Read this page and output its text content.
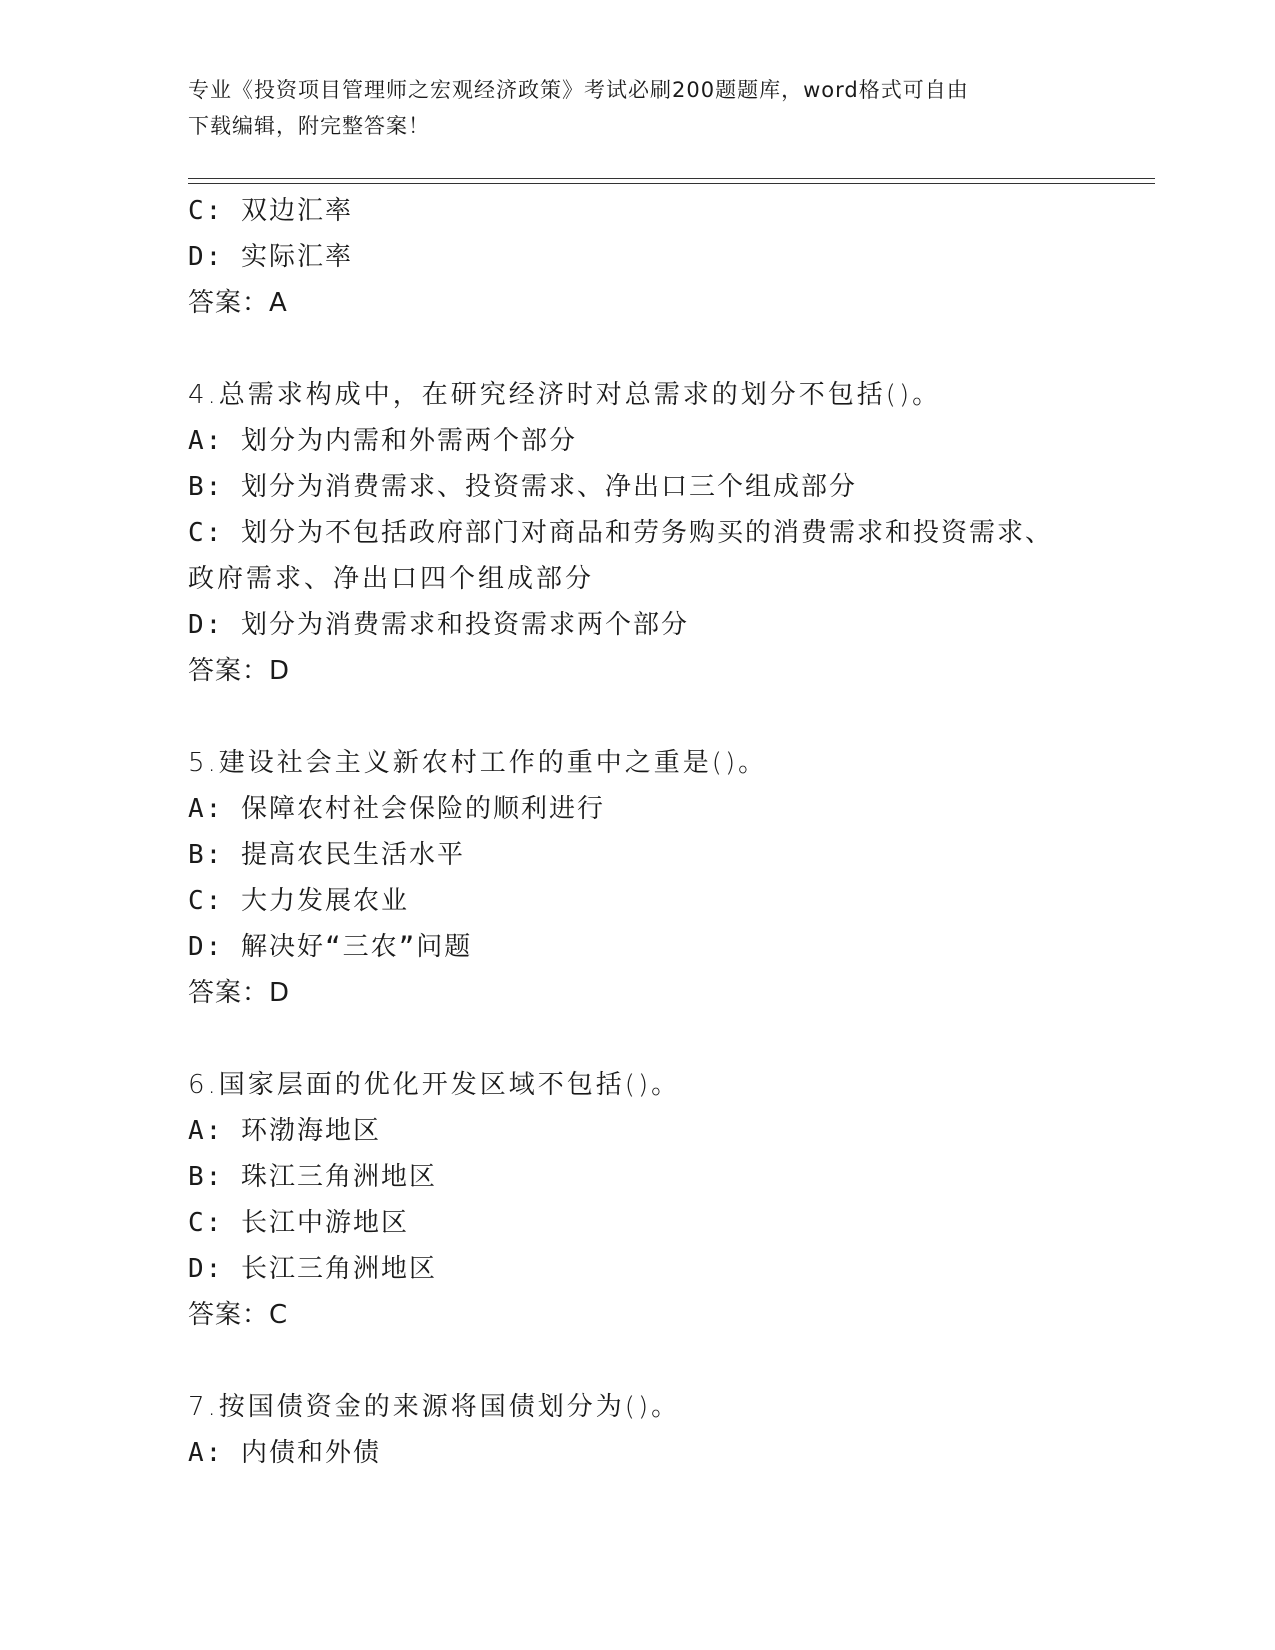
专业《投资项目管理师之宏观经济政策》考试必刷200题题库，word格式可自由
下载编辑，附完整答案！
C: 双边汇率
D: 实际汇率
答案：A
4.总需求构成中，在研究经济时对总需求的划分不包括()。
A: 划分为内需和外需两个部分
B: 划分为消费需求、投资需求、净出口三个组成部分
C: 划分为不包括政府部门对商品和劳务购买的消费需求和投资需求、
政府需求、净出口四个组成部分
D: 划分为消费需求和投资需求两个部分
答案：D
5.建设社会主义新农村工作的重中之重是()。
A: 保障农村社会保险的顺利进行
B: 提高农民生活水平
C: 大力发展农业
D: 解决好“三农”问题
答案：D
6.国家层面的优化开发区域不包括()。
A: 环渤海地区
B: 珠江三角洲地区
C: 长江中游地区
D: 长江三角洲地区
答案：C
7.按国债资金的来源将国债划分为()。
A: 内债和外债
